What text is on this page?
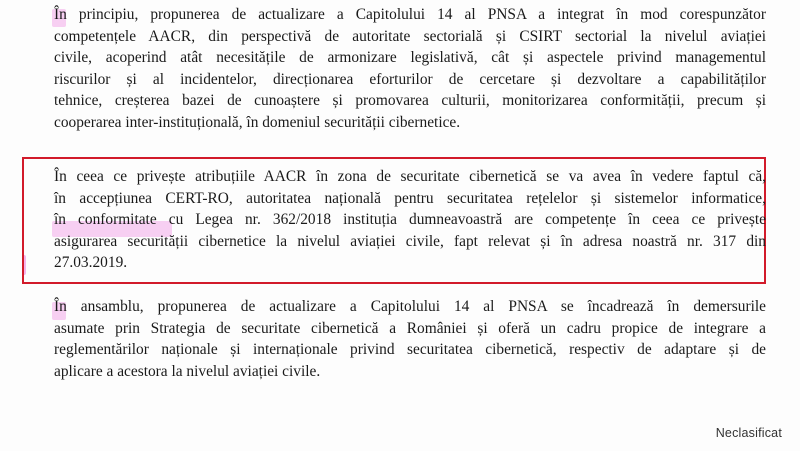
În principiu, propunerea de actualizare a Capitolului 14 al PNSA a integrat în mod corespunzător
competențele AACR, din perspectivă de autoritate sectorială și CSIRT sectorial la nivelul aviației
civile, acoperind atât necesitățile de armonizare legislativă, cât și aspectele privind managementul
riscurilor și al incidentelor, direcționarea eforturilor de cercetare și dezvoltare a capabilităților
tehnice, creșterea bazei de cunoaștere și promovarea culturii, monitorizarea conformității, precum și
cooperarea inter-instituțională, în domeniul securității cibernetice.

În ceea ce privește atribuțiile AACR în zona de securitate cibernetică se va avea în vedere faptul că,
în accepțiunea CERT-RO, autoritatea națională pentru securitatea rețelelor și sistemelor informatice,
în conformitate cu Legea nr. 362/2018 instituția dumneavoastră are competențe în ceea ce privește
asigurarea securității cibernetice la nivelul aviației civile, fapt relevat și în adresa noastră nr. 317 din
27.03.2019.

În ansamblu, propunerea de actualizare a Capitolului 14 al PNSA se încadrează în demersurile
asumate prin Strategia de securitate cibernetică a României și oferă un cadru propice de integrare a
reglementărilor naționale și internaționale privind securitatea cibernetică, respectiv de adaptare și de
aplicare a acestora la nivelul aviației civile.

Neclasificat
